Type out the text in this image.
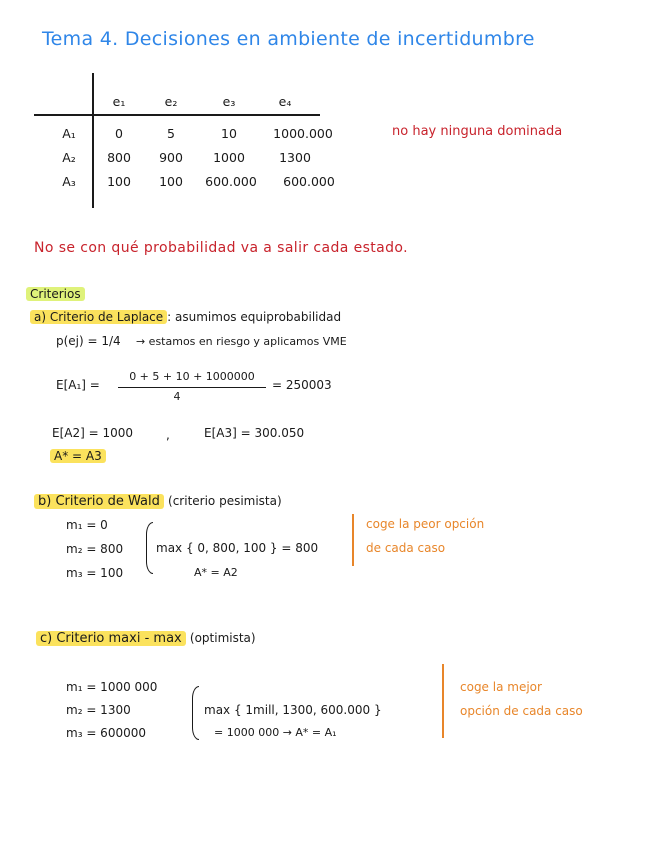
Tema 4. Decisiones en ambiente de incertidumbre
e₁	e₂	e₃	e₄
A₁	0	5	10	1000.000
A₂	800	900	1000	1300
A₃	100	100	600.000	600.000
no hay ninguna dominada
No se con qué probabilidad va a salir cada estado.
Criterios
a) Criterio de Laplace : asumimos equiprobabilidad
p(ej) = 1/4 → estamos en riesgo y aplicamos VME
E[A₁] =
0 + 5 + 10 + 1000000
4
= 250003
E[A2] = 1000	,	E[A3] = 300.050
A* = A3
b) Criterio de Wald (criterio pesimista)
m₁ = 0
m₂ = 800
m₃ = 100
max { 0, 800, 100 } = 800
A* = A2
coge la peor opción
de cada caso
c) Criterio maxi - max (optimista)
m₁ = 1000 000
m₂ = 1300
m₃ = 600000
max { 1mill, 1300, 600.000 }
= 1000 000 → A* = A₁
coge la mejor
opción de cada caso
